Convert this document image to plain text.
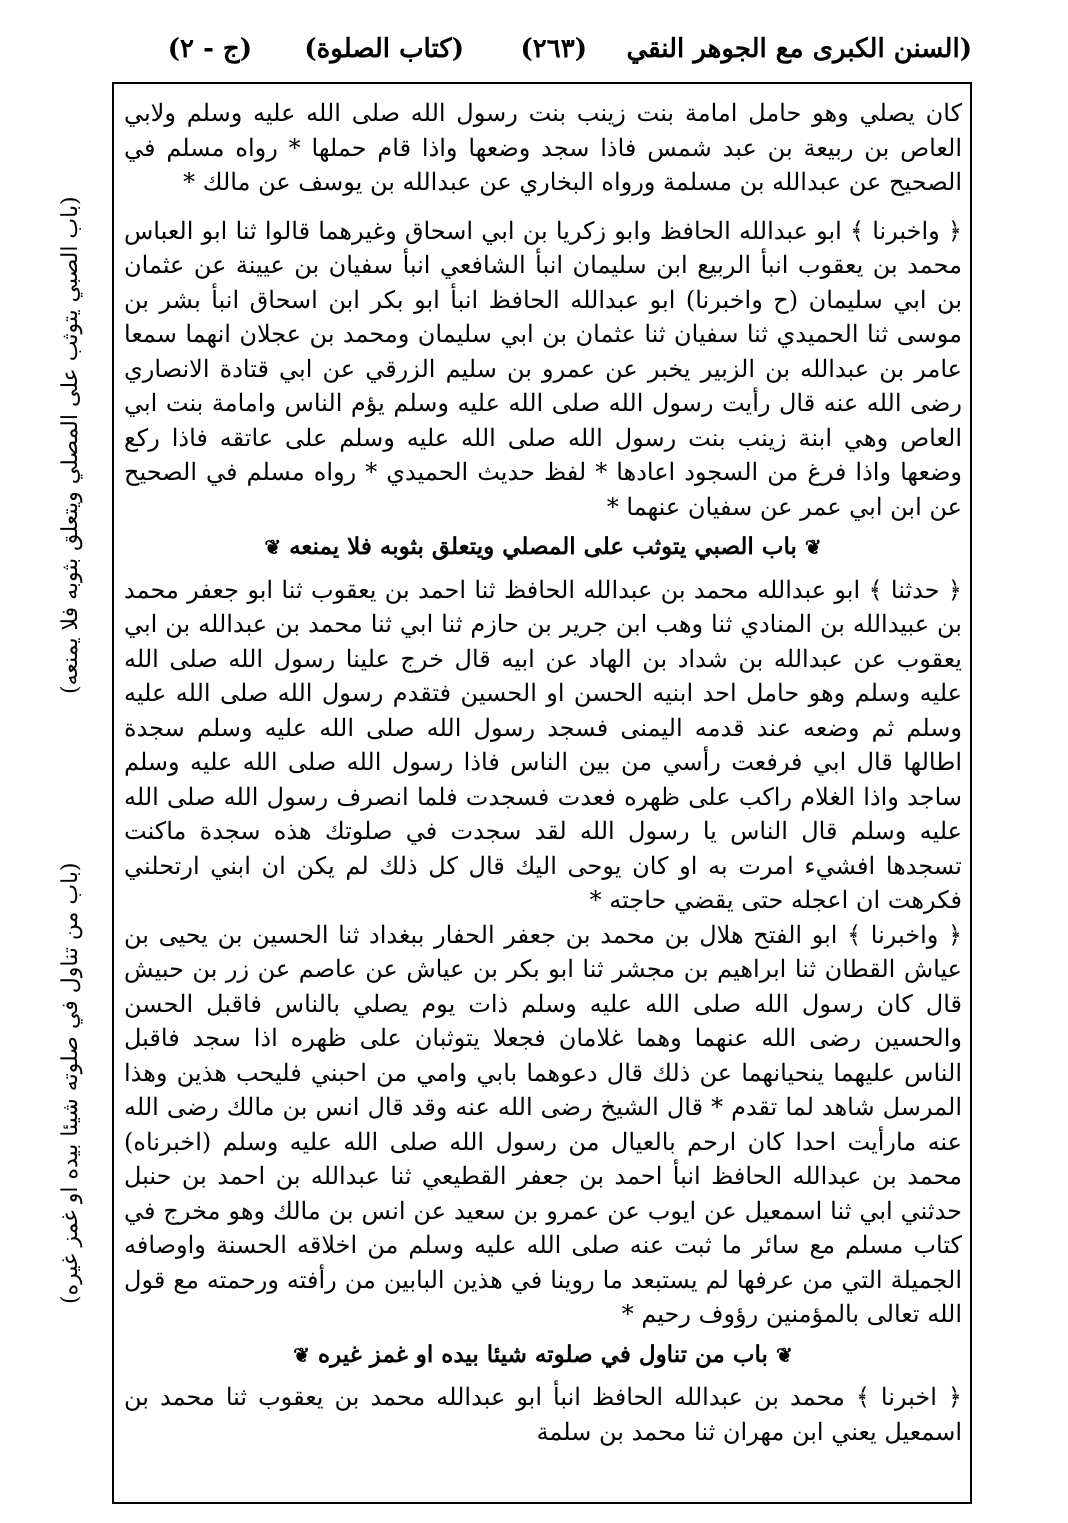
(السنن الكبرى مع الجوهر النقي
(٢٦٣)
(كتاب الصلوة)
(ج - ٢)
(باب الصبي يتوثب على المصلي ويتعلق بثوبه فلا يمنعه)
(باب من تناول في صلوته شيئا بيده او غمز غيره)

كان يصلي وهو حامل امامة بنت زينب بنت رسول الله صلى الله عليه وسلم ولابي العاص بن ربيعة بن عبد شمس فاذا سجد وضعها واذا قام حملها * رواه مسلم في الصحيح عن عبدالله بن مسلمة ورواه البخاري عن عبدالله بن يوسف عن مالك *

﴿ واخبرنا ﴾ ابو عبدالله الحافظ وابو زكريا بن ابي اسحاق وغيرهما قالوا ثنا ابو العباس محمد بن يعقوب انبأ الربيع ابن سليمان انبأ الشافعي انبأ سفيان بن عيينة عن عثمان بن ابي سليمان (ح واخبرنا) ابو عبدالله الحافظ انبأ ابو بكر ابن اسحاق انبأ بشر بن موسى ثنا الحميدي ثنا سفيان ثنا عثمان بن ابي سليمان ومحمد بن عجلان انهما سمعا عامر بن عبدالله بن الزبير يخبر عن عمرو بن سليم الزرقي عن ابي قتادة الانصاري رضى الله عنه قال رأيت رسول الله صلى الله عليه وسلم يؤم الناس وامامة بنت ابي العاص وهي ابنة زينب بنت رسول الله صلى الله عليه وسلم على عاتقه فاذا ركع وضعها واذا فرغ من السجود اعادها * لفظ حديث الحميدي * رواه مسلم في الصحيح عن ابن ابي عمر عن سفيان عنهما *

❦ باب الصبي يتوثب على المصلي ويتعلق بثوبه فلا يمنعه ❦

﴿ حدثنا ﴾ ابو عبدالله محمد بن عبدالله الحافظ ثنا احمد بن يعقوب ثنا ابو جعفر محمد بن عبيدالله بن المنادي ثنا وهب ابن جرير بن حازم ثنا ابي ثنا محمد بن عبدالله بن ابي يعقوب عن عبدالله بن شداد بن الهاد عن ابيه قال خرج علينا رسول الله صلى الله عليه وسلم وهو حامل احد ابنيه الحسن او الحسين فتقدم رسول الله صلى الله عليه وسلم ثم وضعه عند قدمه اليمنى فسجد رسول الله صلى الله عليه وسلم سجدة اطالها قال ابي فرفعت رأسي من بين الناس فاذا رسول الله صلى الله عليه وسلم ساجد واذا الغلام راكب على ظهره فعدت فسجدت فلما انصرف رسول الله صلى الله عليه وسلم قال الناس يا رسول الله لقد سجدت في صلوتك هذه سجدة ماكنت تسجدها افشيء امرت به او كان يوحى اليك قال كل ذلك لم يكن ان ابني ارتحلني فكرهت ان اعجله حتى يقضي حاجته *

﴿ واخبرنا ﴾ ابو الفتح هلال بن محمد بن جعفر الحفار ببغداد ثنا الحسين بن يحيى بن عياش القطان ثنا ابراهيم بن مجشر ثنا ابو بكر بن عياش عن عاصم عن زر بن حبيش قال كان رسول الله صلى الله عليه وسلم ذات يوم يصلي بالناس فاقبل الحسن والحسين رضى الله عنهما وهما غلامان فجعلا يتوثبان على ظهره اذا سجد فاقبل الناس عليهما ينحيانهما عن ذلك قال دعوهما بابي وامي من احبني فليحب هذين وهذا المرسل شاهد لما تقدم * قال الشيخ رضى الله عنه وقد قال انس بن مالك رضى الله عنه مارأيت احدا كان ارحم بالعيال من رسول الله صلى الله عليه وسلم (اخبرناه) محمد بن عبدالله الحافظ انبأ احمد بن جعفر القطيعي ثنا عبدالله بن احمد بن حنبل حدثني ابي ثنا اسمعيل عن ايوب عن عمرو بن سعيد عن انس بن مالك وهو مخرج في كتاب مسلم مع سائر ما ثبت عنه صلى الله عليه وسلم من اخلاقه الحسنة واوصافه الجميلة التي من عرفها لم يستبعد ما روينا في هذين البابين من رأفته ورحمته مع قول الله تعالى بالمؤمنين رؤوف رحيم *

❦ باب من تناول في صلوته شيئا بيده او غمز غيره ❦

﴿ اخبرنا ﴾ محمد بن عبدالله الحافظ انبأ ابو عبدالله محمد بن يعقوب ثنا محمد بن اسمعيل يعني ابن مهران ثنا محمد بن سلمة
